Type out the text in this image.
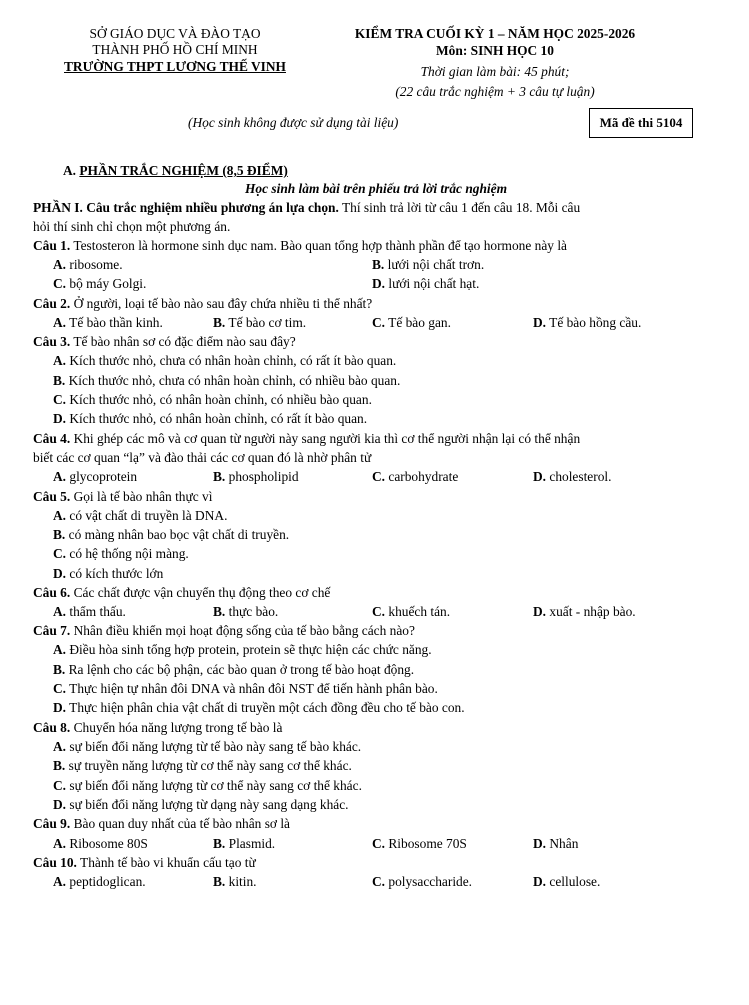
SỞ GIÁO DỤC VÀ ĐÀO TẠO
THÀNH PHỐ HỒ CHÍ MINH
TRƯỜNG THPT LƯƠNG THẾ VINH
KIỂM TRA CUỐI KỲ 1 – NĂM HỌC 2025-2026
Môn: SINH HỌC 10
Thời gian làm bài: 45 phút;
(22 câu trắc nghiệm + 3 câu tự luận)
(Học sinh không được sử dụng tài liệu)	Mã đề thi 5104
A. PHẦN TRẮC NGHIỆM (8,5 ĐIỂM)
Học sinh làm bài trên phiếu trả lời trắc nghiệm
PHẦN I. Câu trắc nghiệm nhiều phương án lựa chọn. Thí sinh trả lời từ câu 1 đến câu 18. Mỗi câu
hỏi thí sinh chỉ chọn một phương án.
Câu 1. Testosteron là hormone sinh dục nam. Bào quan tổng hợp thành phần để tạo hormone này là
A. ribosome.	B. lưới nội chất trơn.
C. bộ máy Golgi.	D. lưới nội chất hạt.
Câu 2. Ở người, loại tế bào nào sau đây chứa nhiều ti thể nhất?
A. Tế bào thần kinh.	B. Tế bào cơ tim.	C. Tế bào gan.	D. Tế bào hồng cầu.
Câu 3. Tế bào nhân sơ có đặc điểm nào sau đây?
A. Kích thước nhỏ, chưa có nhân hoàn chỉnh, có rất ít bào quan.
B. Kích thước nhỏ, chưa có nhân hoàn chỉnh, có nhiều bào quan.
C. Kích thước nhỏ, có nhân hoàn chỉnh, có nhiều bào quan.
D. Kích thước nhỏ, có nhân hoàn chỉnh, có rất ít bào quan.
Câu 4. Khi ghép các mô và cơ quan từ người này sang người kia thì cơ thể người nhận lại có thể nhận
biết các cơ quan “lạ” và đào thải các cơ quan đó là nhờ phân tử
A. glycoprotein	B. phospholipid	C. carbohydrate	D. cholesterol.
Câu 5. Gọi là tế bào nhân thực vì
A. có vật chất di truyền là DNA.
B. có màng nhân bao bọc vật chất di truyền.
C. có hệ thống nội màng.
D. có kích thước lớn
Câu 6. Các chất được vận chuyển thụ động theo cơ chế
A. thẩm thấu.	B. thực bào.	C. khuếch tán.	D. xuất - nhập bào.
Câu 7. Nhân điều khiển mọi hoạt động sống của tế bào bằng cách nào?
A. Điều hòa sinh tổng hợp protein, protein sẽ thực hiện các chức năng.
B. Ra lệnh cho các bộ phận, các bào quan ở trong tế bào hoạt động.
C. Thực hiện tự nhân đôi DNA và nhân đôi NST để tiến hành phân bào.
D. Thực hiện phân chia vật chất di truyền một cách đồng đều cho tế bào con.
Câu 8. Chuyển hóa năng lượng trong tế bào là
A. sự biến đổi năng lượng từ tế bào này sang tế bào khác.
B. sự truyền năng lượng từ cơ thể này sang cơ thể khác.
C. sự biến đổi năng lượng từ cơ thể này sang cơ thể khác.
D. sự biến đổi năng lượng từ dạng này sang dạng khác.
Câu 9. Bào quan duy nhất của tế bào nhân sơ là
A. Ribosome 80S	B. Plasmid.	C. Ribosome 70S	D. Nhân
Câu 10. Thành tế bào vi khuẩn cấu tạo từ
A. peptidoglican.	B. kitin.	C. polysaccharide.	D. cellulose.
